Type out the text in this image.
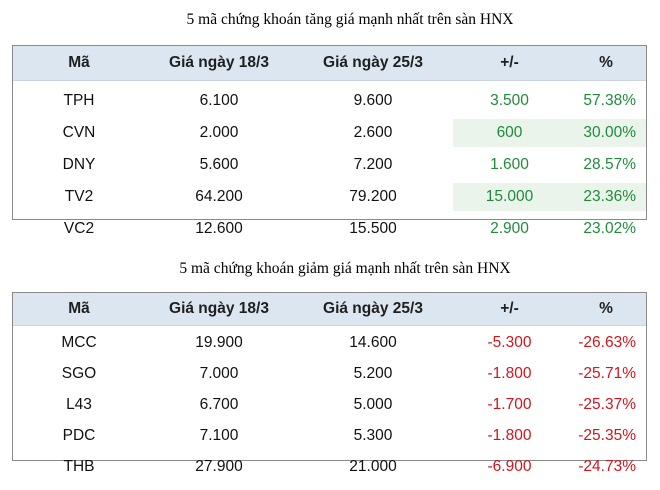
5 mã chứng khoán tăng giá mạnh nhất trên sàn HNX
Mã	Giá ngày 18/3	Giá ngày 25/3	+/-	%
TPH	6.100	9.600	3.500	57.38%
CVN	2.000	2.600	600	30.00%
DNY	5.600	7.200	1.600	28.57%
TV2	64.200	79.200	15.000	23.36%
VC2	12.600	15.500	2.900	23.02%
5 mã chứng khoán giảm giá mạnh nhất trên sàn HNX
Mã	Giá ngày 18/3	Giá ngày 25/3	+/-	%
MCC	19.900	14.600	-5.300	-26.63%
SGO	7.000	5.200	-1.800	-25.71%
L43	6.700	5.000	-1.700	-25.37%
PDC	7.100	5.300	-1.800	-25.35%
THB	27.900	21.000	-6.900	-24.73%
